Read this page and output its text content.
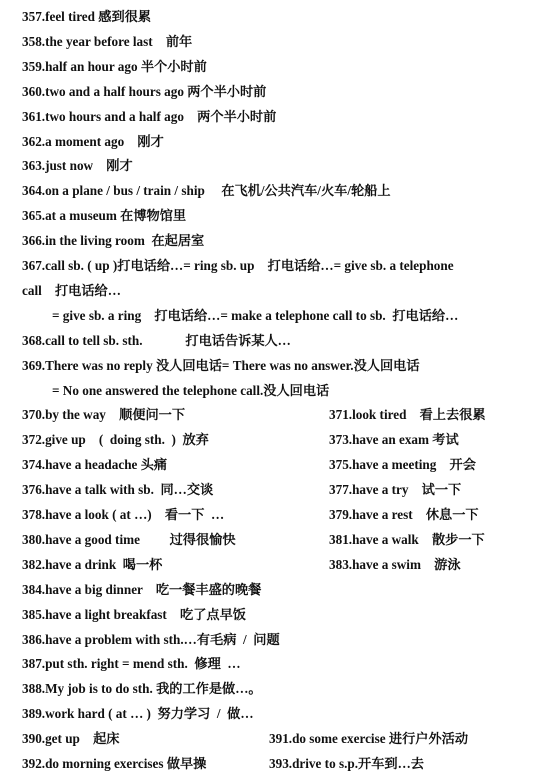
357.feel tired 感到很累
358.the year before last    前年
359.half an hour ago 半个小时前
360.two and a half hours ago 两个半小时前
361.two hours and a half ago    两个半小时前
362.a moment ago    刚才
363.just now    刚才
364.on a plane / bus / train / ship     在飞机/公共汽车/火车/轮船上
365.at a museum 在博物馆里
366.in the living room  在起居室
367.call sb. ( up )打电话给…= ring sb. up    打电话给…= give sb. a telephone
call    打电话给…
= give sb. a ring    打电话给…= make a telephone call to sb.  打电话给…
368.call to tell sb. sth.             打电话告诉某人…
369.There was no reply 没人回电话= There was no answer.没人回电话
= No one answered the telephone call.没人回电话
370.by the way    顺便问一下	371.look tired    看上去很累
372.give up    (  doing sth.  )  放弃	373.have an exam 考试
374.have a headache 头痛	375.have a meeting    开会
376.have a talk with sb.  同…交谈	377.have a try    试一下
378.have a look ( at …)    看一下  …	379.have a rest    休息一下
380.have a good time         过得很愉快	381.have a walk    散步一下
382.have a drink  喝一杯	383.have a swim    游泳
384.have a big dinner    吃一餐丰盛的晚餐
385.have a light breakfast    吃了点早饭
386.have a problem with sth.…有毛病  /  问题
387.put sth. right = mend sth.  修理  …
388.My job is to do sth. 我的工作是做…。
389.work hard ( at … )  努力学习  /  做…
390.get up    起床	391.do some exercise 进行户外活动
392.do morning exercises 做早操	393.drive to s.p.开车到…去
